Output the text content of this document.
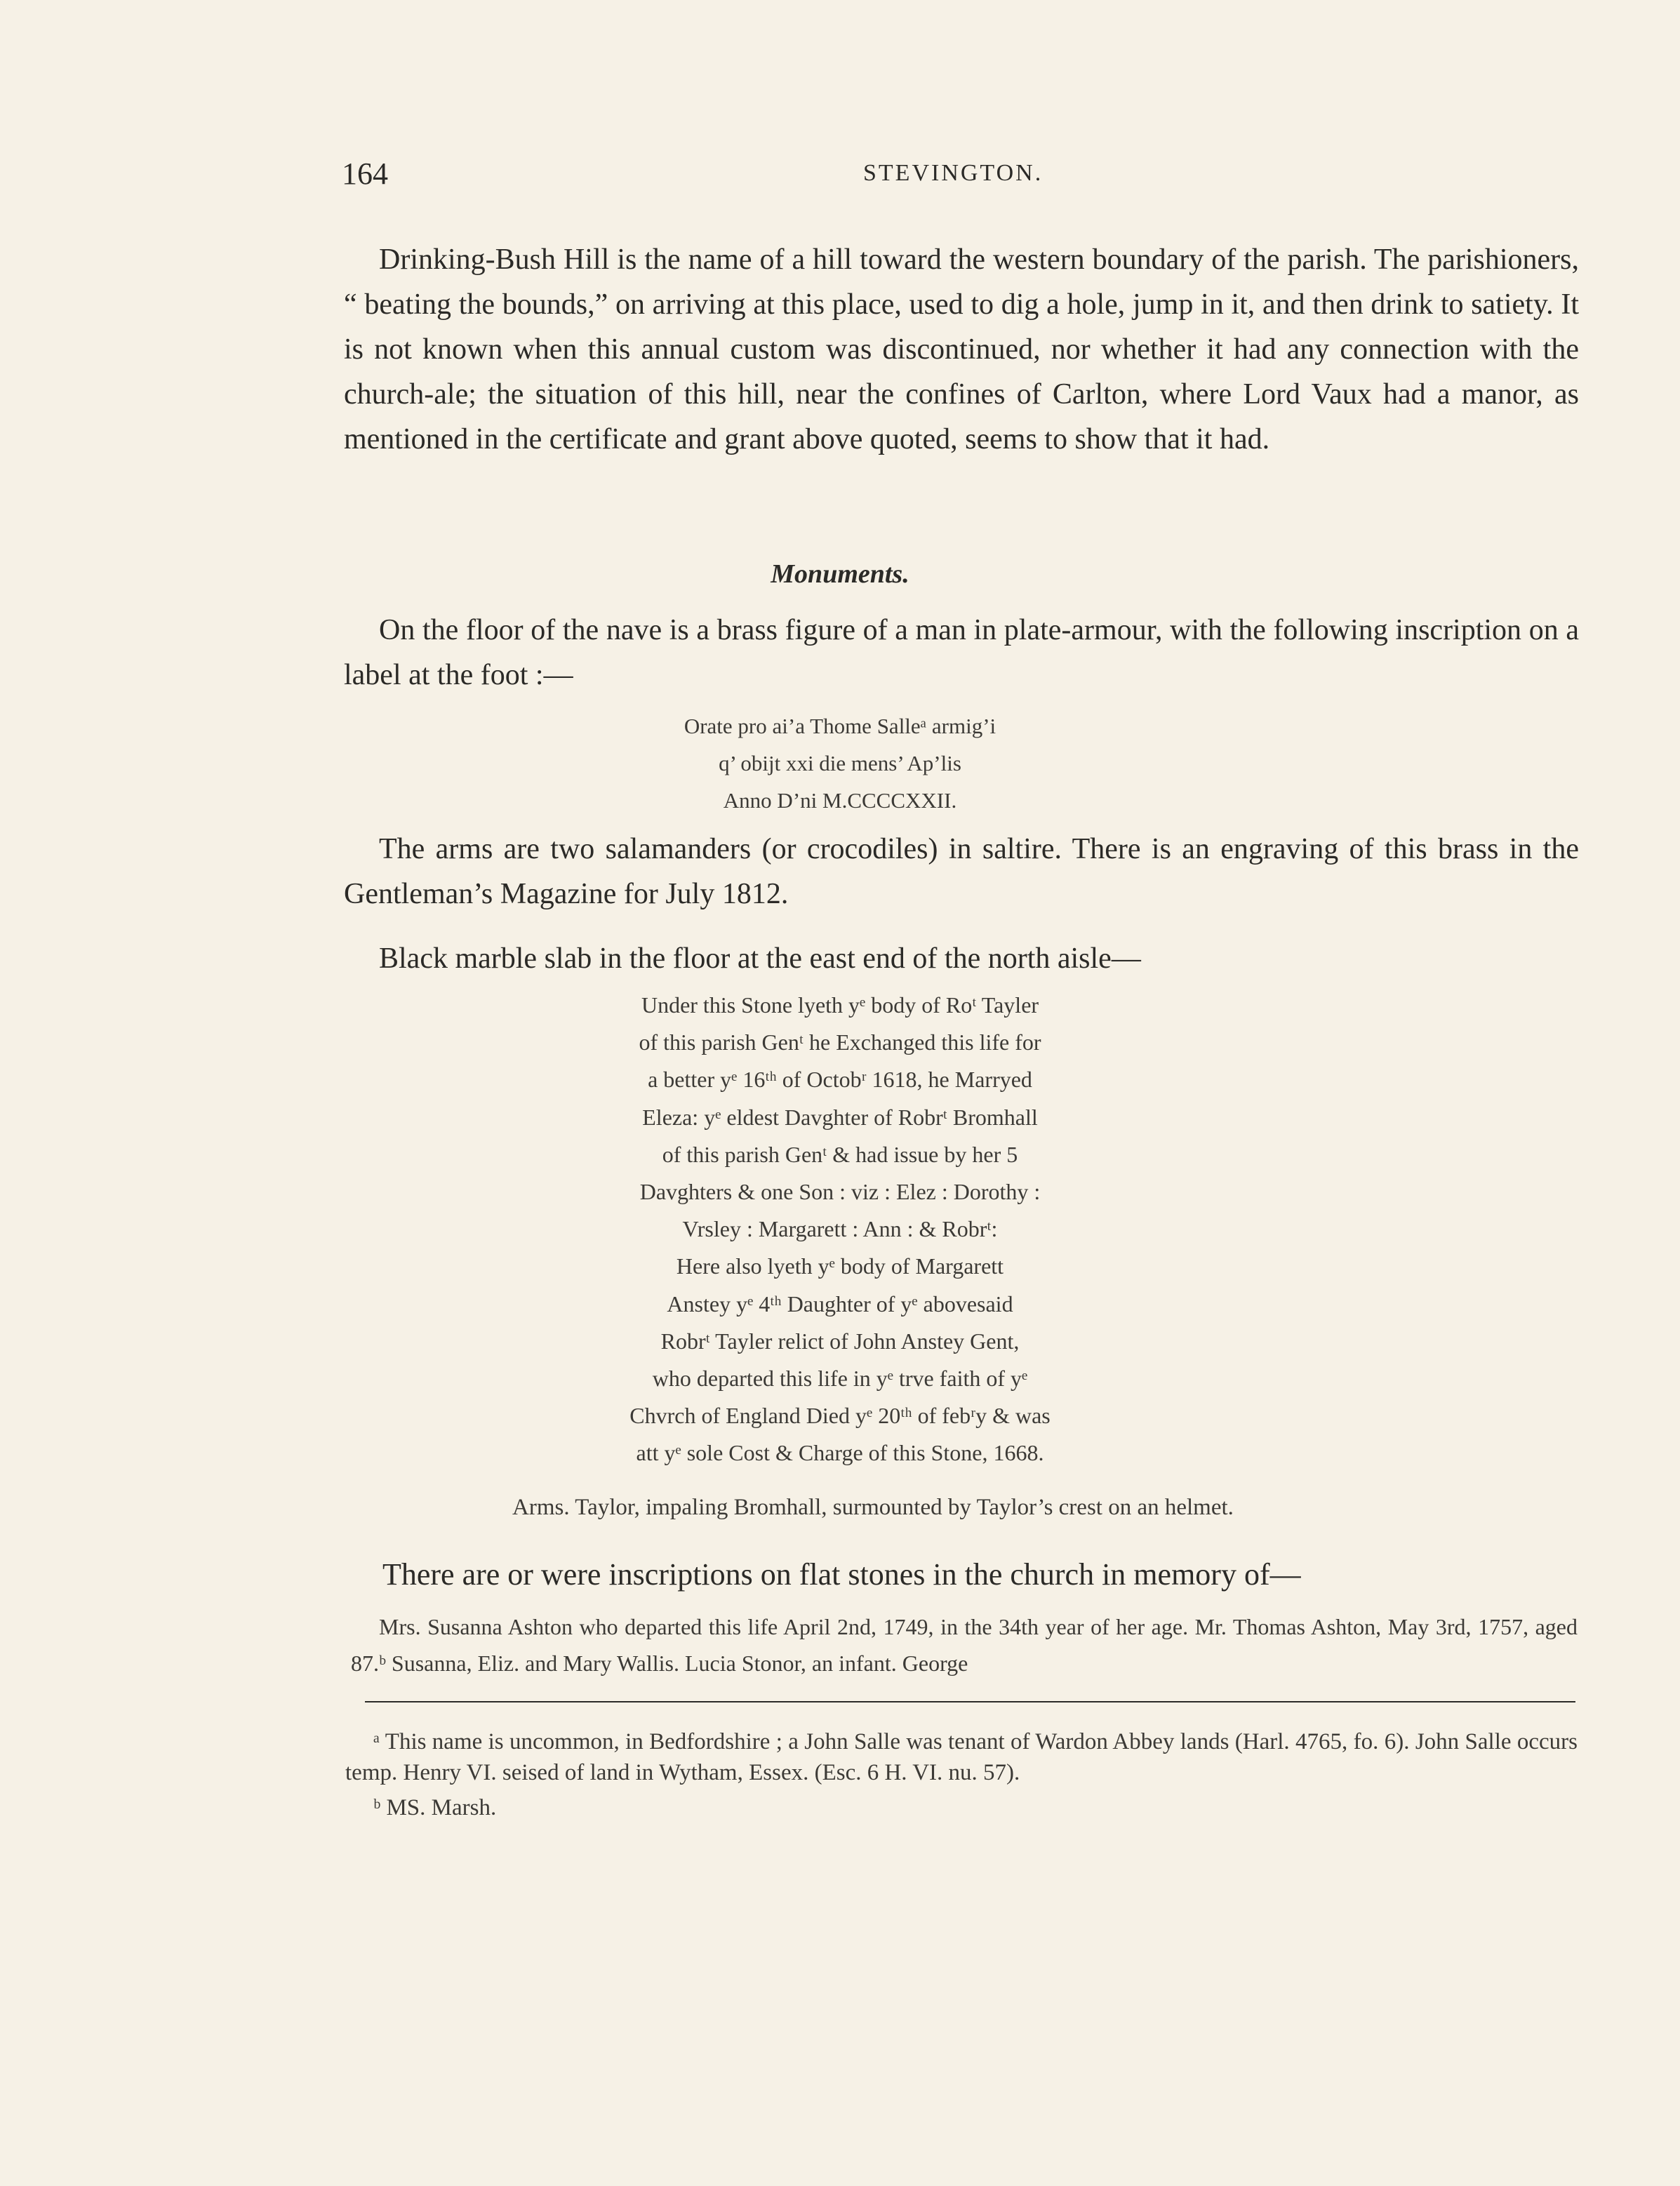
164	STEVINGTON.

Drinking-Bush Hill is the name of a hill toward the western boundary of the parish. The parishioners, “ beating the bounds,” on arriving at this place, used to dig a hole, jump in it, and then drink to satiety. It is not known when this annual custom was discontinued, nor whether it had any connection with the church-ale; the situation of this hill, near the confines of Carlton, where Lord Vaux had a manor, as mentioned in the certificate and grant above quoted, seems to show that it had.

Monuments.

On the floor of the nave is a brass figure of a man in plate-armour, with the following inscription on a label at the foot :—

Orate pro ai’a Thome Salleᵃ armig’i
q’ obijt xxi die mens’ Ap’lis
Anno D’ni M.CCCCXXII.

The arms are two salamanders (or crocodiles) in saltire. There is an engraving of this brass in the Gentleman’s Magazine for July 1812.

Black marble slab in the floor at the east end of the north aisle—

Under this Stone lyeth yᵉ body of Roᵗ Tayler
of this parish Genᵗ he Exchanged this life for
a better yᵉ 16ᵗʰ of Octobʳ 1618, he Marryed
Eleza: yᵉ eldest Davghter of Robrᵗ Bromhall
of this parish Genᵗ & had issue by her 5
Davghters & one Son : viz : Elez : Dorothy :
Vrsley : Margarett : Ann : & Robrᵗ:
Here also lyeth yᵉ body of Margarett
Anstey yᵉ 4ᵗʰ Daughter of yᵉ abovesaid
Robrᵗ Tayler relict of John Anstey Gent,
who departed this life in yᵉ trve faith of yᵉ
Chvrch of England Died yᵉ 20ᵗʰ of febʳy & was
att yᵉ sole Cost & Charge of this Stone, 1668.
Arms. Taylor, impaling Bromhall, surmounted by Taylor’s crest on an helmet.
There are or were inscriptions on flat stones in the church in memory of—

Mrs. Susanna Ashton who departed this life April 2nd, 1749, in the 34th year of her age. Mr. Thomas Ashton, May 3rd, 1757, aged 87.ᵇ Susanna, Eliz. and Mary Wallis. Lucia Stonor, an infant. George

ᵃ This name is uncommon, in Bedfordshire ; a John Salle was tenant of Wardon Abbey lands (Harl. 4765, fo. 6). John Salle occurs temp. Henry VI. seised of land in Wytham, Essex. (Esc. 6 H. VI. nu. 57).

ᵇ MS. Marsh.
